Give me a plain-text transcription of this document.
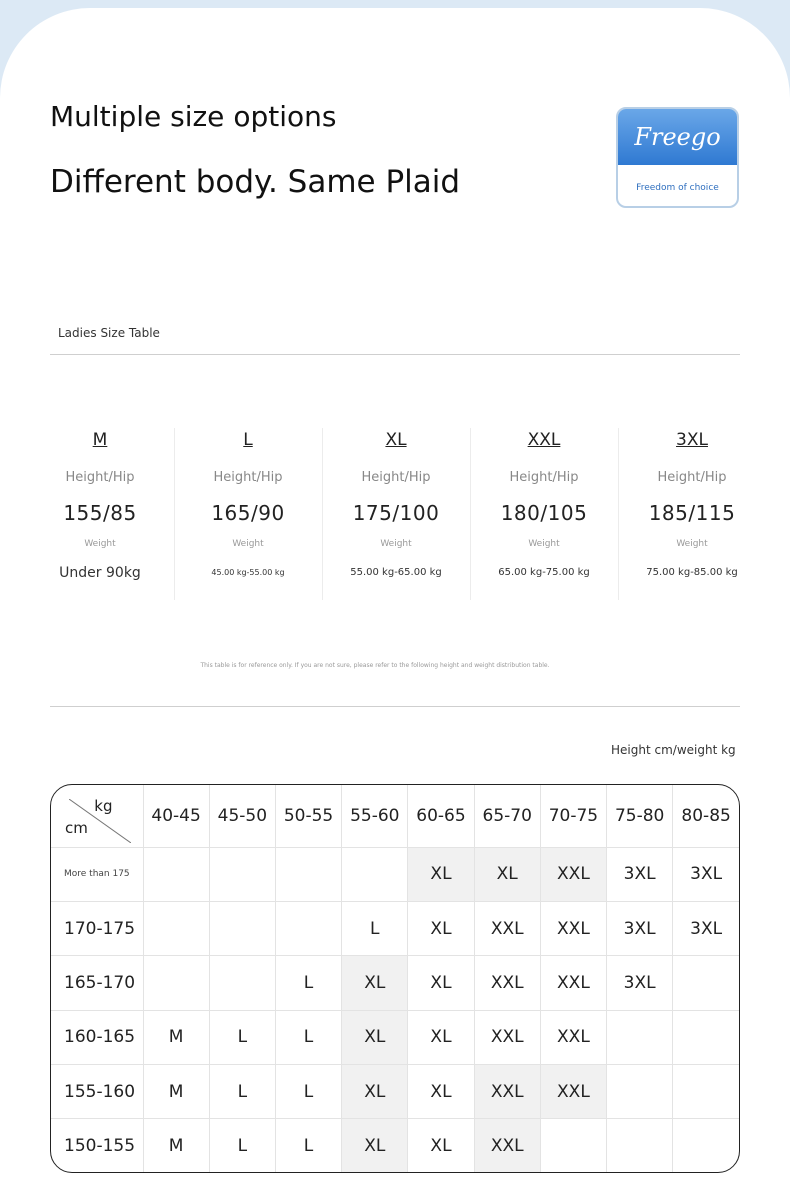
Multiple size options
Different body. Same Plaid
Freego
Freedom of choice
Ladies Size Table
M
Height/Hip
155/85
Weight
Under 90kg
L
Height/Hip
165/90
Weight
45.00 kg-55.00 kg
XL
Height/Hip
175/100
Weight
55.00 kg-65.00 kg
XXL
Height/Hip
180/105
Weight
65.00 kg-75.00 kg
3XL
Height/Hip
185/115
Weight
75.00 kg-85.00 kg
This table is for reference only. If you are not sure, please refer to the following height and weight distribution table.
Height cm/weight kg
kg
cm	40-45	45-50	50-55	55-60	60-65	65-70	70-75	75-80	80-85
More than 175					XL	XL	XXL	3XL	3XL
170-175				L	XL	XXL	XXL	3XL	3XL
165-170			L	XL	XL	XXL	XXL	3XL	
160-165	M	L	L	XL	XL	XXL	XXL		
155-160	M	L	L	XL	XL	XXL	XXL		
150-155	M	L	L	XL	XL	XXL			
